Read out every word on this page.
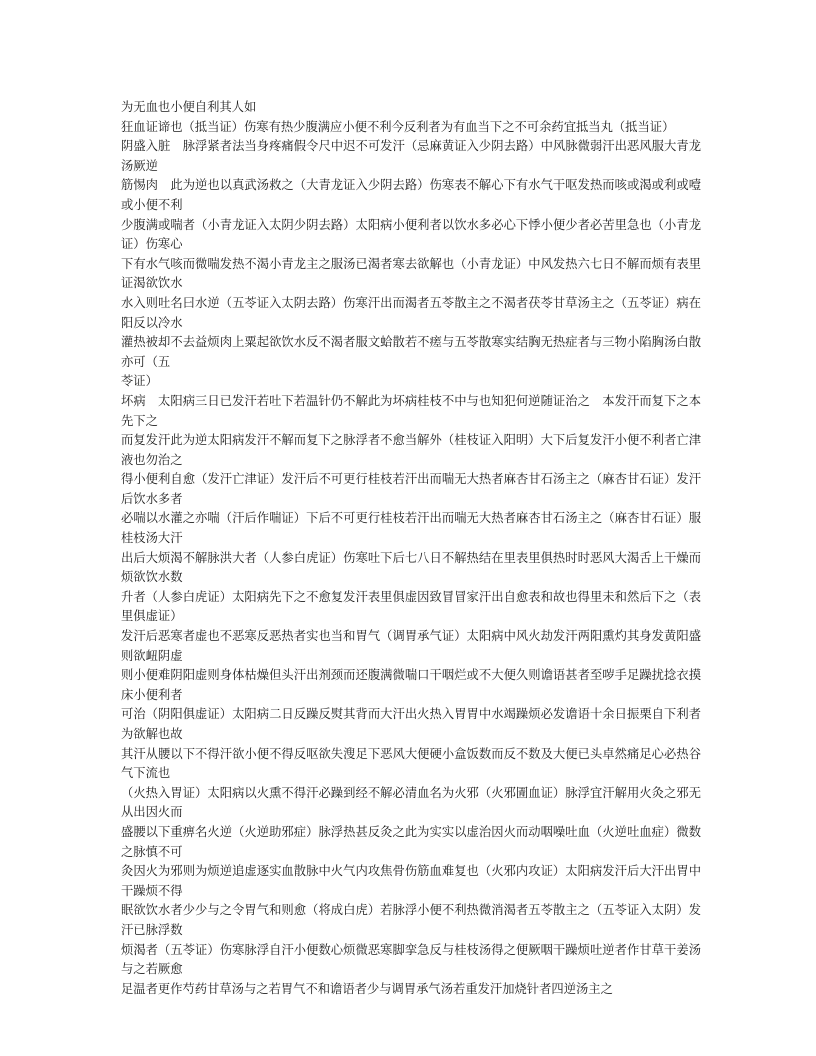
为无血也小便自利其人如

狂血证谛也（抵当证）伤寒有热少腹满应小便不利今反利者为有血当下之不可余药宜抵当丸（抵当证）

阴盛入脏　脉浮紧者法当身疼痛假令尺中迟不可发汗（忌麻黄证入少阴去路）中风脉微弱汗出恶风服大青龙汤厥逆

筋惕肉　此为逆也以真武汤救之（大青龙证入少阴去路）伤寒表不解心下有水气干呕发热而咳或渴或利或噎或小便不利

少腹满或喘者（小青龙证入太阴少阴去路）太阳病小便利者以饮水多必心下悸小便少者必苦里急也（小青龙证）伤寒心

下有水气咳而微喘发热不渴小青龙主之服汤已渴者寒去欲解也（小青龙证）中风发热六七日不解而烦有表里证渴欲饮水

水入则吐名曰水逆（五苓证入太阴去路）伤寒汗出而渴者五苓散主之不渴者茯苓甘草汤主之（五苓证）病在阳反以冷水

灌热被却不去益烦肉上粟起欲饮水反不渴者服文蛤散若不瘥与五苓散寒实结胸无热症者与三物小陷胸汤白散亦可（五

苓证）

坏病　太阳病三日已发汗若吐下若温针仍不解此为坏病桂枝不中与也知犯何逆随证治之　本发汗而复下之本先下之

而复发汗此为逆太阳病发汗不解而复下之脉浮者不愈当解外（桂枝证入阳明）大下后复发汗小便不利者亡津液也勿治之

得小便利自愈（发汗亡津证）发汗后不可更行桂枝若汗出而喘无大热者麻杏甘石汤主之（麻杏甘石证）发汗后饮水多者

必喘以水灌之亦喘（汗后作喘证）下后不可更行桂枝若汗出而喘无大热者麻杏甘石汤主之（麻杏甘石证）服桂枝汤大汗

出后大烦渴不解脉洪大者（人参白虎证）伤寒吐下后七八日不解热结在里表里俱热时时恶风大渴舌上干燥而烦欲饮水数

升者（人参白虎证）太阳病先下之不愈复发汗表里俱虚因致冒冒家汗出自愈表和故也得里未和然后下之（表里俱虚证）

发汗后恶寒者虚也不恶寒反恶热者实也当和胃气（调胃承气证）太阳病中风火劫发汗两阳熏灼其身发黄阳盛则欲衄阴虚

则小便难阴阳虚则身体枯燥但头汗出剂颈而还腹满微喘口干咽烂或不大便久则谵语甚者至哕手足躁扰捻衣摸床小便利者

可治（阴阳俱虚证）太阳病二日反躁反熨其背而大汗出火热入胃胃中水竭躁烦必发谵语十余日振栗自下利者为欲解也故

其汗从腰以下不得汗欲小便不得反呕欲失溲足下恶风大便硬小盒饭数而反不数及大便已头卓然痛足心必热谷气下流也

（火热入胃证）太阳病以火熏不得汗必躁到经不解必清血名为火邪（火邪圊血证）脉浮宜汗解用火灸之邪无从出因火而

盛腰以下重痹名火逆（火逆助邪症）脉浮热甚反灸之此为实实以虚治因火而动咽噪吐血（火逆吐血症）微数之脉慎不可

灸因火为邪则为烦逆追虚逐实血散脉中火气内攻焦骨伤筋血难复也（火邪内攻证）太阳病发汗后大汗出胃中干躁烦不得

眠欲饮水者少少与之令胃气和则愈（将成白虎）若脉浮小便不利热微消渴者五苓散主之（五苓证入太阴）发汗已脉浮数

烦渴者（五苓证）伤寒脉浮自汗小便数心烦微恶寒脚挛急反与桂枝汤得之便厥咽干躁烦吐逆者作甘草干姜汤与之若厥愈

足温者更作芍药甘草汤与之若胃气不和谵语者少与调胃承气汤若重发汗加烧针者四逆汤主之
